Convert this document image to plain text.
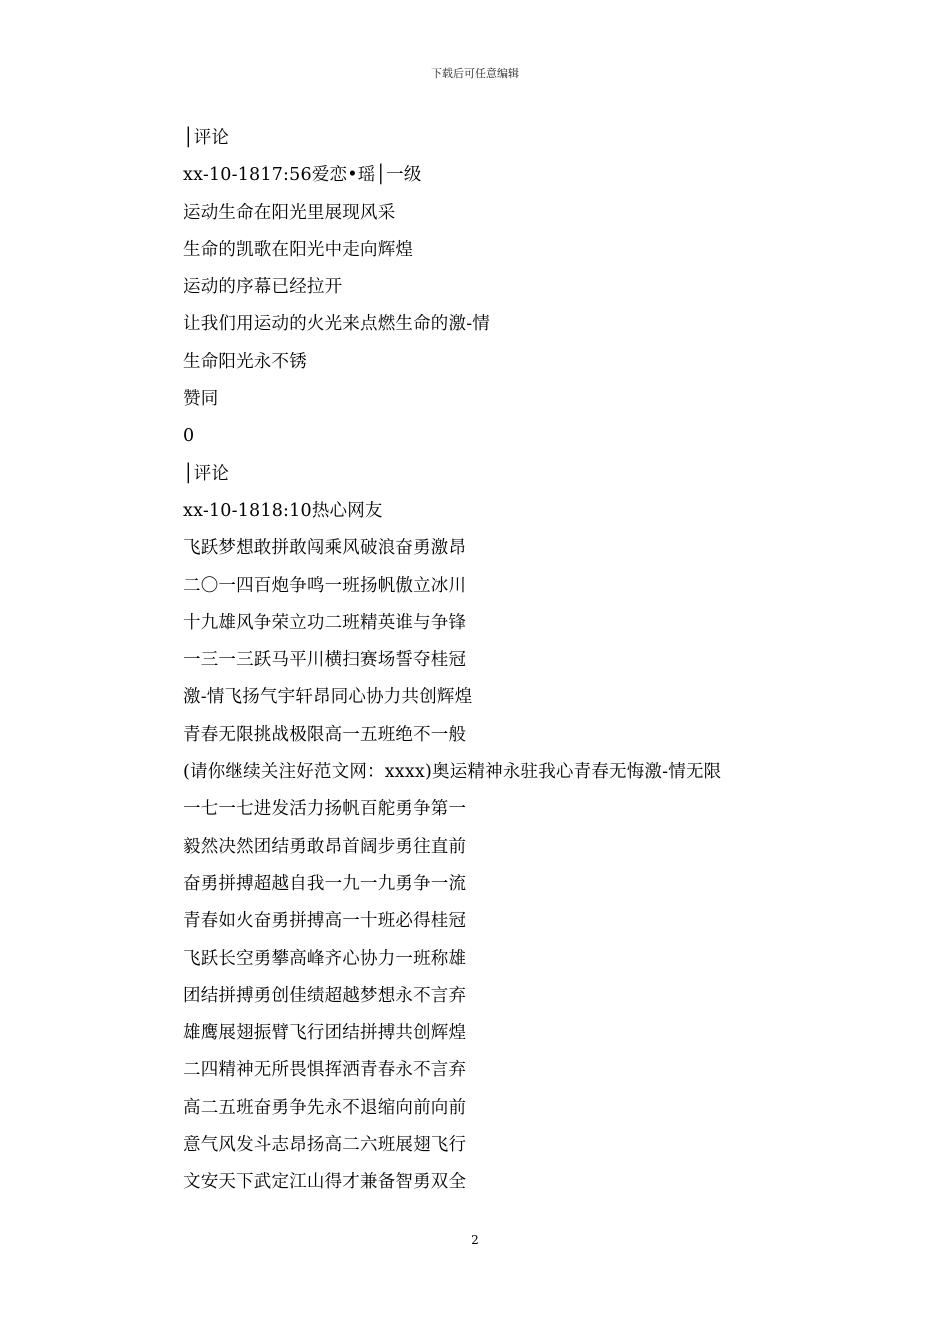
下载后可任意编辑
│评论
xx-10-1817:56爱恋•瑶│一级
运动生命在阳光里展现风采
生命的凯歌在阳光中走向辉煌
运动的序幕已经拉开
让我们用运动的火光来点燃生命的激-情
生命阳光永不锈
赞同
0
│评论
xx-10-1818:10热心网友
飞跃梦想敢拼敢闯乘风破浪奋勇激昂
二〇一四百炮争鸣一班扬帆傲立冰川
十九雄风争荣立功二班精英谁与争锋
一三一三跃马平川横扫赛场誓夺桂冠
激-情飞扬气宇轩昂同心协力共创辉煌
青春无限挑战极限高一五班绝不一般
(请你继续关注好范文网：xxxx)奥运精神永驻我心青春无悔激-情无限
一七一七进发活力扬帆百舵勇争第一
毅然决然团结勇敢昂首阔步勇往直前
奋勇拼搏超越自我一九一九勇争一流
青春如火奋勇拼搏高一十班必得桂冠
飞跃长空勇攀高峰齐心协力一班称雄
团结拼搏勇创佳绩超越梦想永不言弃
雄鹰展翅振臂飞行团结拼搏共创辉煌
二四精神无所畏惧挥洒青春永不言弃
高二五班奋勇争先永不退缩向前向前
意气风发斗志昂扬高二六班展翅飞行
文安天下武定江山得才兼备智勇双全
2
